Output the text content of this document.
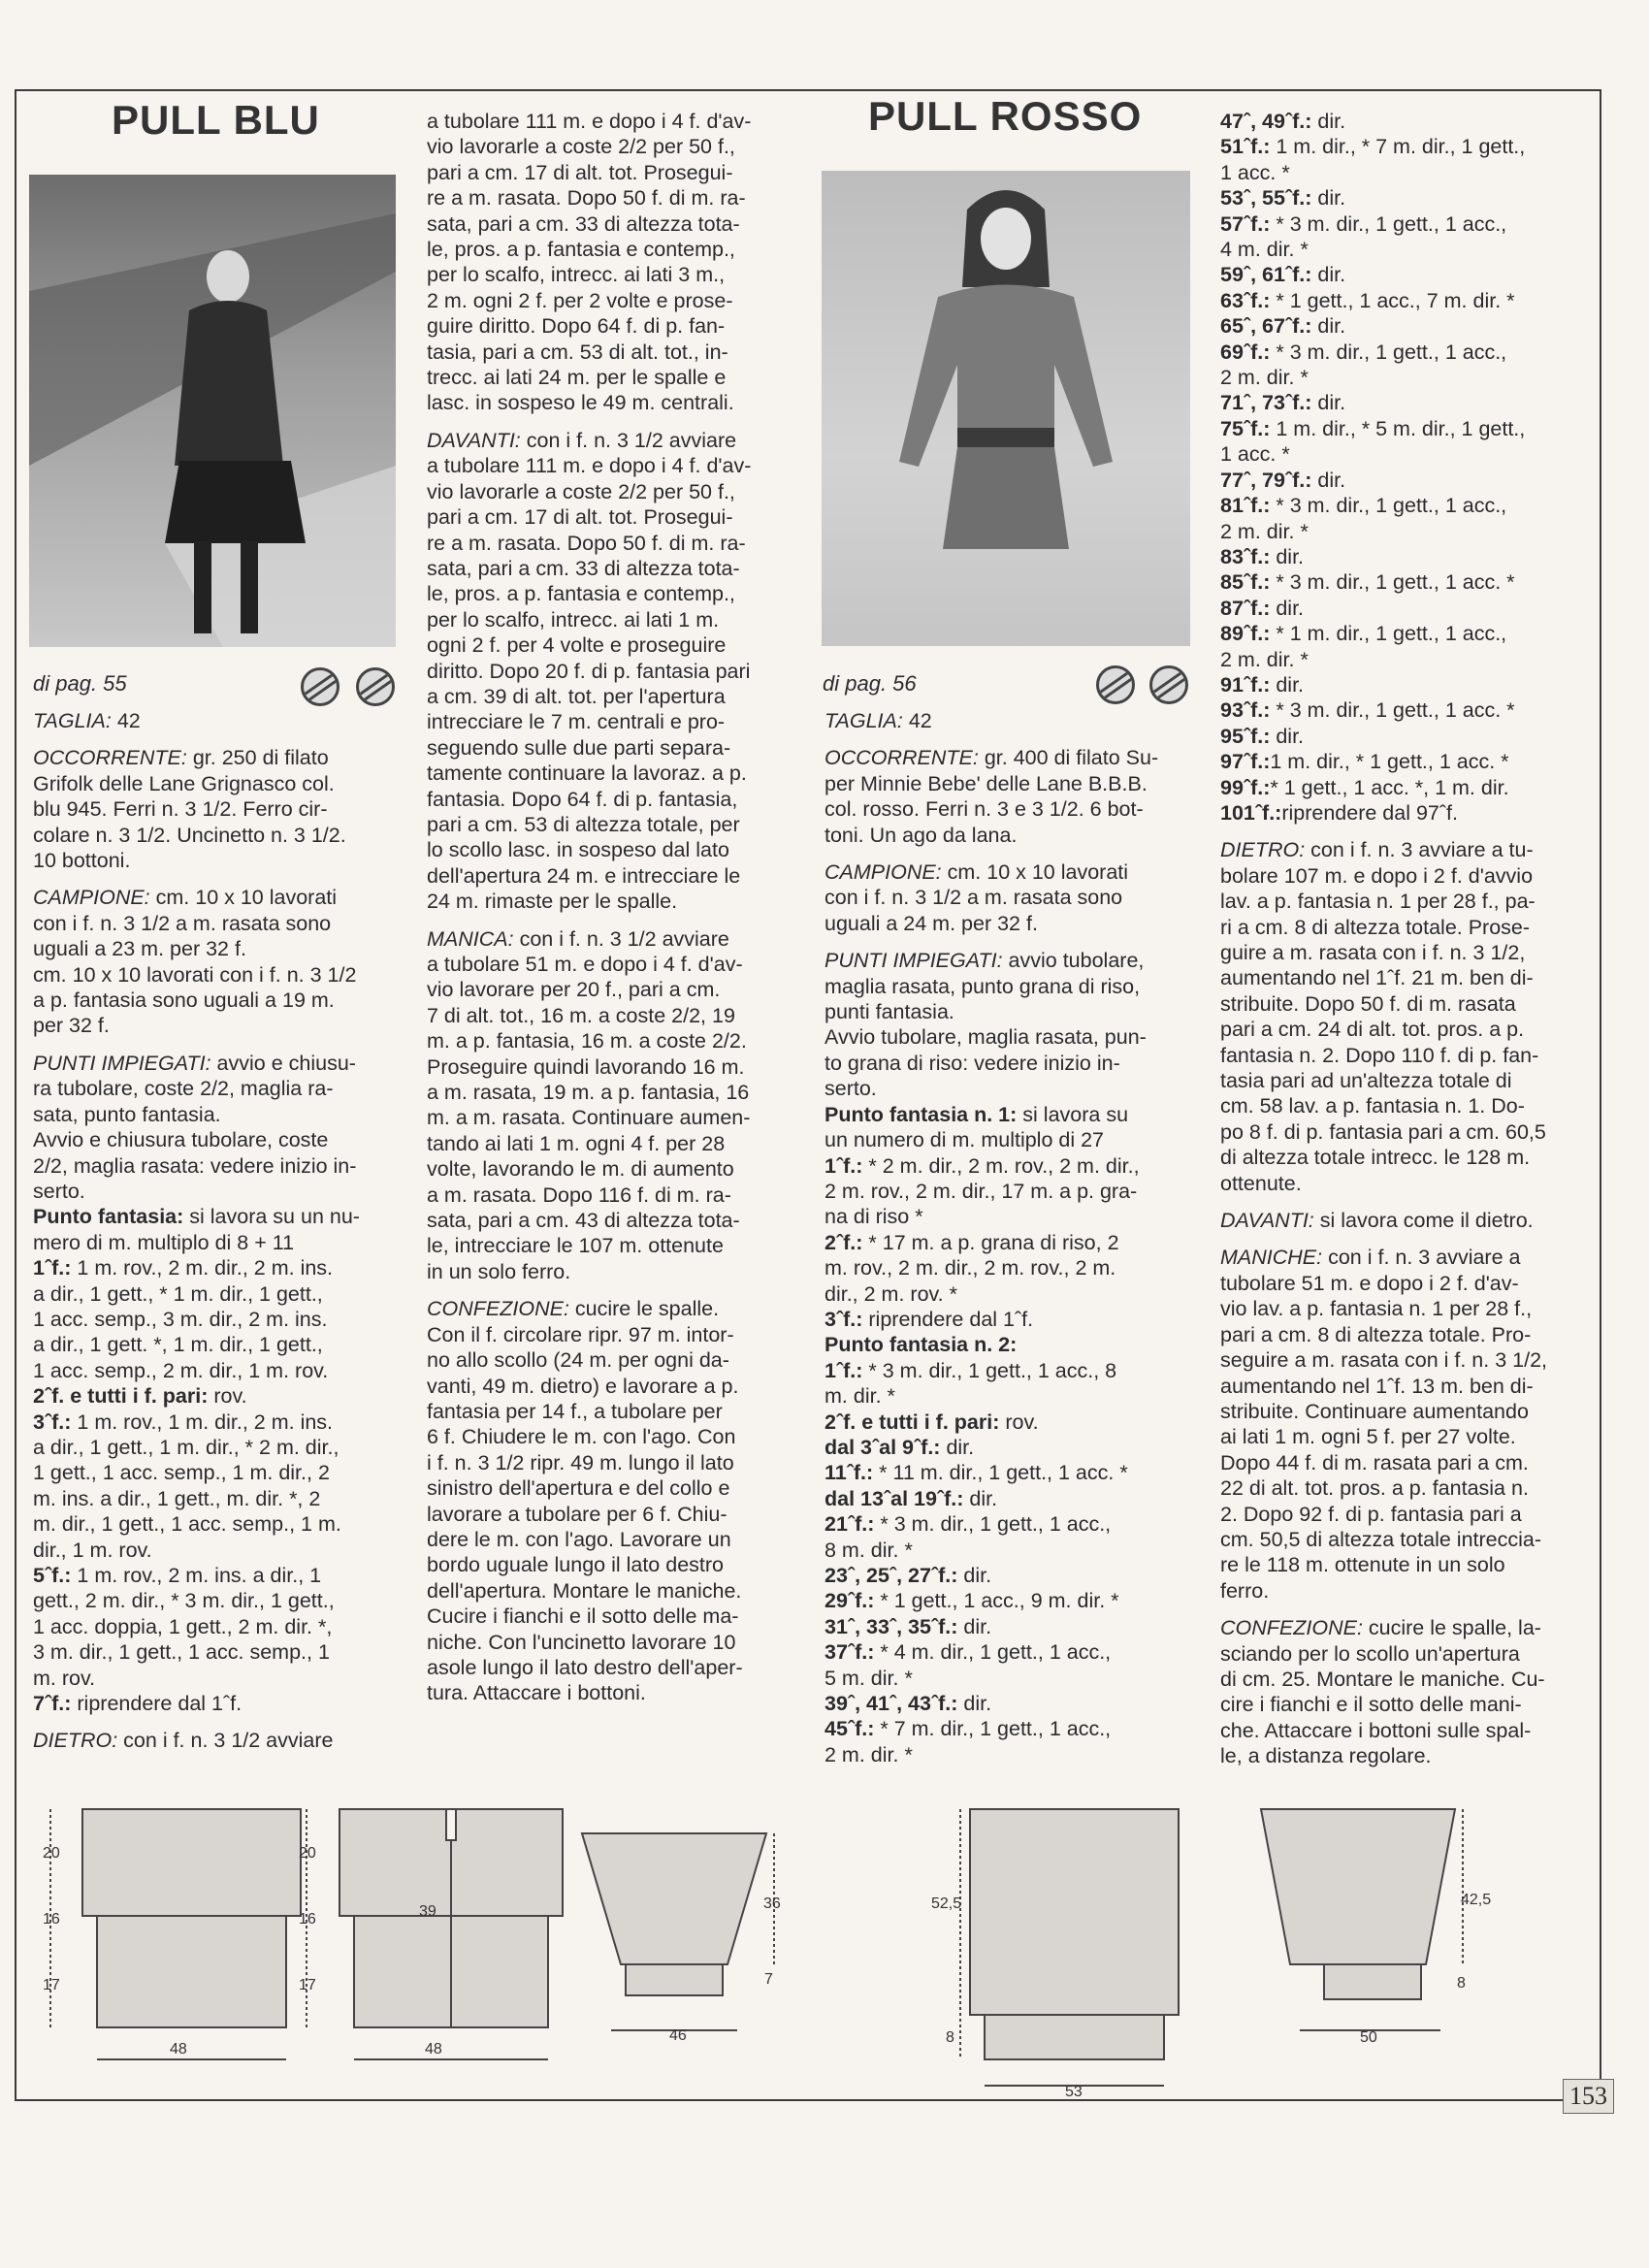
PULL BLU	PULL ROSSO
di pag. 55	di pag. 56

TAGLIA: 42

OCCORRENTE: gr. 250 di filato
Grifolk delle Lane Grignasco col.
blu 945. Ferri n. 3 1/2. Ferro cir-
colare n. 3 1/2. Uncinetto n. 3 1/2.
10 bottoni.

CAMPIONE: cm. 10 x 10 lavorati
con i f. n. 3 1/2 a m. rasata sono
uguali a 23 m. per 32 f.
cm. 10 x 10 lavorati con i f. n. 3 1/2
a p. fantasia sono uguali a 19 m.
per 32 f.

PUNTI IMPIEGATI: avvio e chiusu-
ra tubolare, coste 2/2, maglia ra-
sata, punto fantasia.
Avvio e chiusura tubolare, coste
2/2, maglia rasata: vedere inizio in-
serto.
Punto fantasia: si lavora su un nu-
mero di m. multiplo di 8 + 11
1ˆf.: 1 m. rov., 2 m. dir., 2 m. ins.
a dir., 1 gett., * 1 m. dir., 1 gett.,
1 acc. semp., 3 m. dir., 2 m. ins.
a dir., 1 gett. *, 1 m. dir., 1 gett.,
1 acc. semp., 2 m. dir., 1 m. rov.
2ˆf. e tutti i f. pari: rov.
3ˆf.: 1 m. rov., 1 m. dir., 2 m. ins.
a dir., 1 gett., 1 m. dir., * 2 m. dir.,
1 gett., 1 acc. semp., 1 m. dir., 2
m. ins. a dir., 1 gett., m. dir. *, 2
m. dir., 1 gett., 1 acc. semp., 1 m.
dir., 1 m. rov.
5ˆf.: 1 m. rov., 2 m. ins. a dir., 1
gett., 2 m. dir., * 3 m. dir., 1 gett.,
1 acc. doppia, 1 gett., 2 m. dir. *,
3 m. dir., 1 gett., 1 acc. semp., 1
m. rov.
7ˆf.: riprendere dal 1ˆf.

DIETRO: con i f. n. 3 1/2 avviare

a tubolare 111 m. e dopo i 4 f. d'av-
vio lavorarle a coste 2/2 per 50 f.,
pari a cm. 17 di alt. tot. Prosegui-
re a m. rasata. Dopo 50 f. di m. ra-
sata, pari a cm. 33 di altezza tota-
le, pros. a p. fantasia e contemp.,
per lo scalfo, intrecc. ai lati 3 m.,
2 m. ogni 2 f. per 2 volte e prose-
guire diritto. Dopo 64 f. di p. fan-
tasia, pari a cm. 53 di alt. tot., in-
trecc. ai lati 24 m. per le spalle e
lasc. in sospeso le 49 m. centrali.

DAVANTI: con i f. n. 3 1/2 avviare
a tubolare 111 m. e dopo i 4 f. d'av-
vio lavorarle a coste 2/2 per 50 f.,
pari a cm. 17 di alt. tot. Prosegui-
re a m. rasata. Dopo 50 f. di m. ra-
sata, pari a cm. 33 di altezza tota-
le, pros. a p. fantasia e contemp.,
per lo scalfo, intrecc. ai lati 1 m.
ogni 2 f. per 4 volte e proseguire
diritto. Dopo 20 f. di p. fantasia pari
a cm. 39 di alt. tot. per l'apertura
intrecciare le 7 m. centrali e pro-
seguendo sulle due parti separa-
tamente continuare la lavoraz. a p.
fantasia. Dopo 64 f. di p. fantasia,
pari a cm. 53 di altezza totale, per
lo scollo lasc. in sospeso dal lato
dell'apertura 24 m. e intrecciare le
24 m. rimaste per le spalle.

MANICA: con i f. n. 3 1/2 avviare
a tubolare 51 m. e dopo i 4 f. d'av-
vio lavorare per 20 f., pari a cm.
7 di alt. tot., 16 m. a coste 2/2, 19
m. a p. fantasia, 16 m. a coste 2/2.
Proseguire quindi lavorando 16 m.
a m. rasata, 19 m. a p. fantasia, 16
m. a m. rasata. Continuare aumen-
tando ai lati 1 m. ogni 4 f. per 28
volte, lavorando le m. di aumento
a m. rasata. Dopo 116 f. di m. ra-
sata, pari a cm. 43 di altezza tota-
le, intrecciare le 107 m. ottenute
in un solo ferro.

CONFEZIONE: cucire le spalle.
Con il f. circolare ripr. 97 m. intor-
no allo scollo (24 m. per ogni da-
vanti, 49 m. dietro) e lavorare a p.
fantasia per 14 f., a tubolare per
6 f. Chiudere le m. con l'ago. Con
i f. n. 3 1/2 ripr. 49 m. lungo il lato
sinistro dell'apertura e del collo e
lavorare a tubolare per 6 f. Chiu-
dere le m. con l'ago. Lavorare un
bordo uguale lungo il lato destro
dell'apertura. Montare le maniche.
Cucire i fianchi e il sotto delle ma-
niche. Con l'uncinetto lavorare 10
asole lungo il lato destro dell'aper-
tura. Attaccare i bottoni.

TAGLIA: 42

OCCORRENTE: gr. 400 di filato Su-
per Minnie Bebe' delle Lane B.B.B.
col. rosso. Ferri n. 3 e 3 1/2. 6 bot-
toni. Un ago da lana.

CAMPIONE: cm. 10 x 10 lavorati
con i f. n. 3 1/2 a m. rasata sono
uguali a 24 m. per 32 f.

PUNTI IMPIEGATI: avvio tubolare,
maglia rasata, punto grana di riso,
punti fantasia.
Avvio tubolare, maglia rasata, pun-
to grana di riso: vedere inizio in-
serto.
Punto fantasia n. 1: si lavora su
un numero di m. multiplo di 27
1ˆf.: * 2 m. dir., 2 m. rov., 2 m. dir.,
2 m. rov., 2 m. dir., 17 m. a p. gra-
na di riso *
2ˆf.: * 17 m. a p. grana di riso, 2
m. rov., 2 m. dir., 2 m. rov., 2 m.
dir., 2 m. rov. *
3ˆf.: riprendere dal 1ˆf.
Punto fantasia n. 2:
1ˆf.: * 3 m. dir., 1 gett., 1 acc., 8
m. dir. *
2ˆf. e tutti i f. pari: rov.
dal 3ˆal 9ˆf.: dir.
11ˆf.: * 11 m. dir., 1 gett., 1 acc. *
dal 13ˆal 19ˆf.: dir.
21ˆf.: * 3 m. dir., 1 gett., 1 acc.,
8 m. dir. *
23ˆ, 25ˆ, 27ˆf.: dir.
29ˆf.: * 1 gett., 1 acc., 9 m. dir. *
31ˆ, 33ˆ, 35ˆf.: dir.
37ˆf.: * 4 m. dir., 1 gett., 1 acc.,
5 m. dir. *
39ˆ, 41ˆ, 43ˆf.: dir.
45ˆf.: * 7 m. dir., 1 gett., 1 acc.,
2 m. dir. *

47ˆ, 49ˆf.: dir.
51ˆf.: 1 m. dir., * 7 m. dir., 1 gett.,
1 acc. *
53ˆ, 55ˆf.: dir.
57ˆf.: * 3 m. dir., 1 gett., 1 acc.,
4 m. dir. *
59ˆ, 61ˆf.: dir.
63ˆf.: * 1 gett., 1 acc., 7 m. dir. *
65ˆ, 67ˆf.: dir.
69ˆf.: * 3 m. dir., 1 gett., 1 acc.,
2 m. dir. *
71ˆ, 73ˆf.: dir.
75ˆf.: 1 m. dir., * 5 m. dir., 1 gett.,
1 acc. *
77ˆ, 79ˆf.: dir.
81ˆf.: * 3 m. dir., 1 gett., 1 acc.,
2 m. dir. *
83ˆf.: dir.
85ˆf.: * 3 m. dir., 1 gett., 1 acc. *
87ˆf.: dir.
89ˆf.: * 1 m. dir., 1 gett., 1 acc.,
2 m. dir. *
91ˆf.: dir.
93ˆf.: * 3 m. dir., 1 gett., 1 acc. *
95ˆf.: dir.
97ˆf.:1 m. dir., * 1 gett., 1 acc. *
99ˆf.:* 1 gett., 1 acc. *, 1 m. dir.
101ˆf.:riprendere dal 97ˆf.

DIETRO: con i f. n. 3 avviare a tu-
bolare 107 m. e dopo i 2 f. d'avvio
lav. a p. fantasia n. 1 per 28 f., pa-
ri a cm. 8 di altezza totale. Prose-
guire a m. rasata con i f. n. 3 1/2,
aumentando nel 1ˆf. 21 m. ben di-
stribuite. Dopo 50 f. di m. rasata
pari a cm. 24 di alt. tot. pros. a p.
fantasia n. 2. Dopo 110 f. di p. fan-
tasia pari ad un'altezza totale di
cm. 58 lav. a p. fantasia n. 1. Do-
po 8 f. di p. fantasia pari a cm. 60,5
di altezza totale intrecc. le 128 m.
ottenute.

DAVANTI: si lavora come il dietro.

MANICHE: con i f. n. 3 avviare a
tubolare 51 m. e dopo i 2 f. d'av-
vio lav. a p. fantasia n. 1 per 28 f.,
pari a cm. 8 di altezza totale. Pro-
seguire a m. rasata con i f. n. 3 1/2,
aumentando nel 1ˆf. 13 m. ben di-
stribuite. Continuare aumentando
ai lati 1 m. ogni 5 f. per 27 volte.
Dopo 44 f. di m. rasata pari a cm.
22 di alt. tot. pros. a p. fantasia n.
2. Dopo 92 f. di p. fantasia pari a
cm. 50,5 di altezza totale intreccia-
re le 118 m. ottenute in un solo
ferro.

CONFEZIONE: cucire le spalle, la-
sciando per lo scollo un'apertura
di cm. 25. Montare le maniche. Cu-
cire i fianchi e il sotto delle mani-
che. Attaccare i bottoni sulle spal-
le, a distanza regolare.

20
16
17
48
20
16
17
39
48
36
7
46
52,5
8
53
42,5
8
50
153
